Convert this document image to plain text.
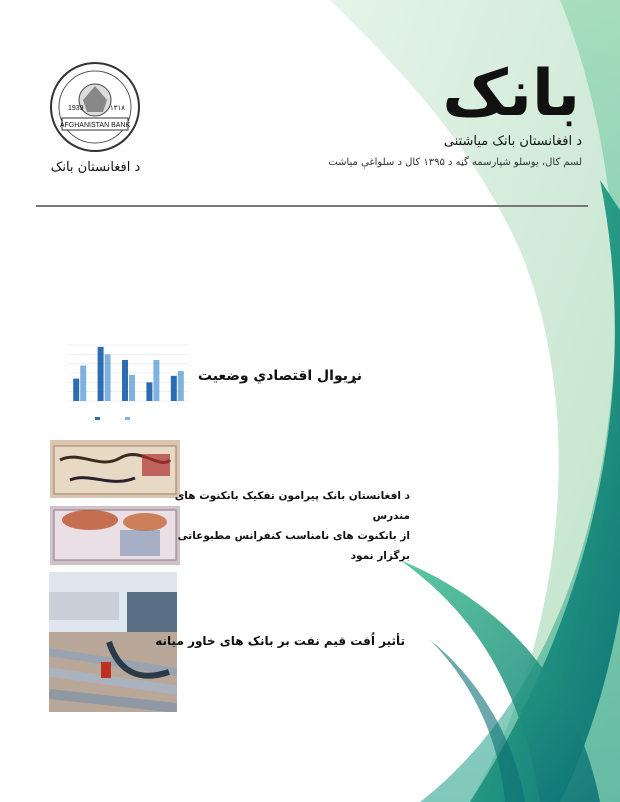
بانک
د افغانستان بانک میاشتنی
لسم کال، یوسلو شپارسمه گڼه د ۱۳۹۵ کال د سلواغې میاشت
AFGHANISTAN BANK
1939	۱۳۱۸
د افغانستان بانک
نړیوال اقتصادي وضعیت
د افغانستان بانک پیرامون تفکیک بانکنوت های مندرس
از بانکنوت های نامناسب کنفرانس مطبوعاتی برگزار نمود
تأثیر اُفت قیم نفت بر بانک های خاور میانه
